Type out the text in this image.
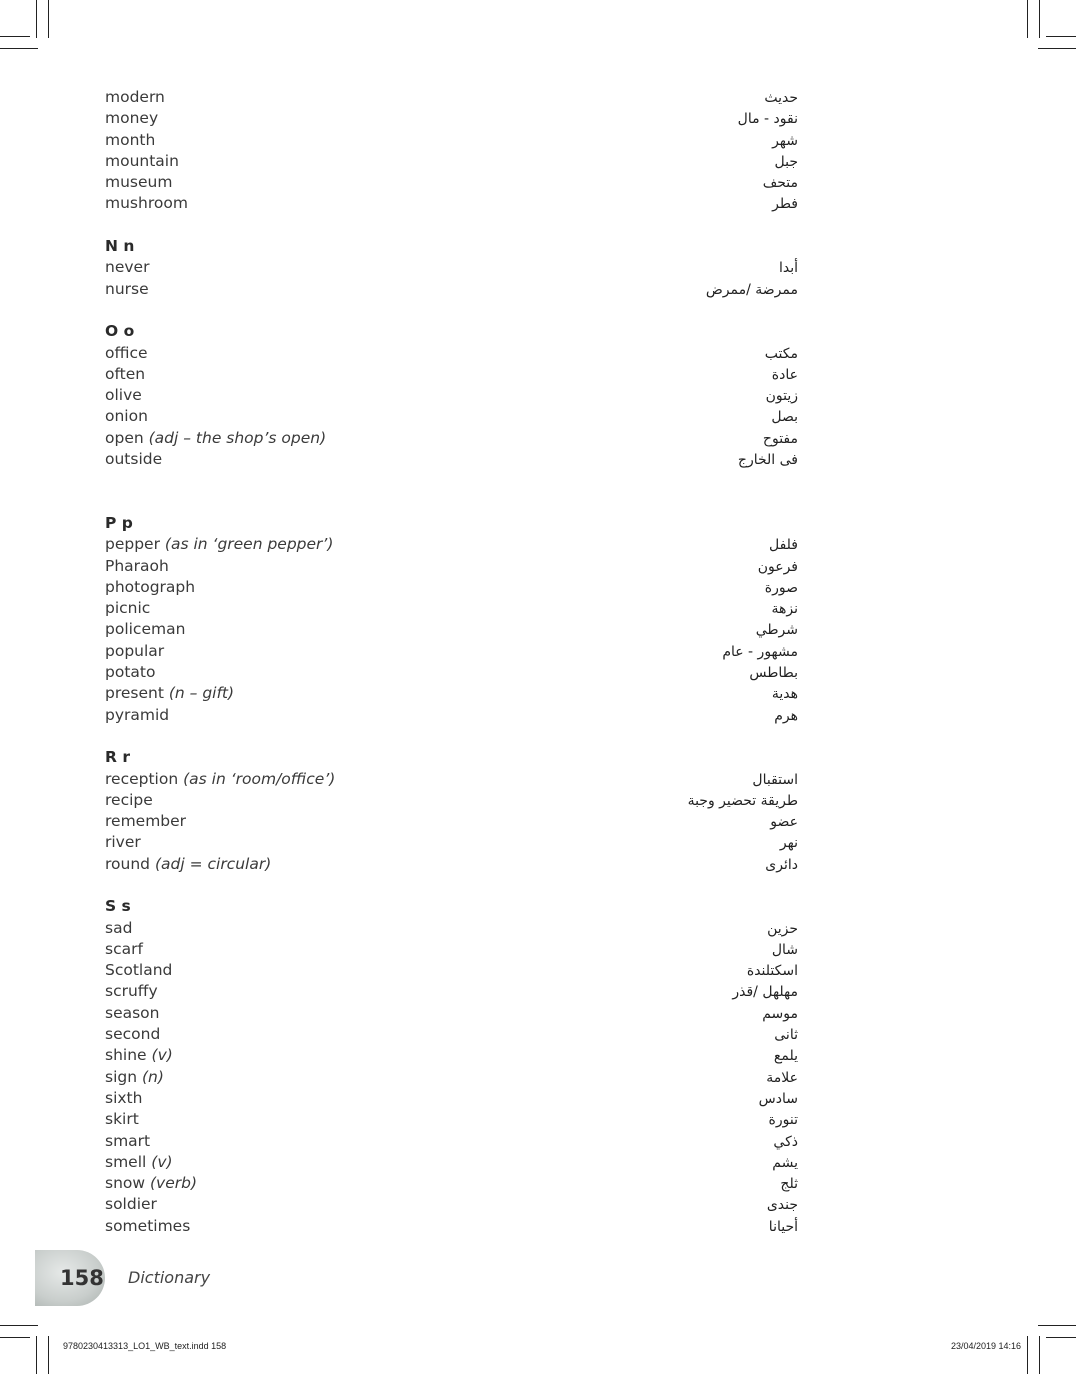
modern	حديث
money	نقود - مال
month	شهر
mountain	جبل
museum	متحف
mushroom	فطر
N n
never	أبدا
nurse	ممرضة /ممرض
O o
office	مكتب
often	عادة
olive	زيتون
onion	بصل
open (adj – the shop’s open)	مفتوح
outside	فى الخارج
P p
pepper (as in ‘green pepper’)	فلفل
Pharaoh	فرعون
photograph	صورة
picnic	نزهة
policeman	شرطي
popular	مشهور - عام
potato	بطاطس
present (n – gift)	هدية
pyramid	هرم
R r
reception (as in ‘room/office’)	استقبال
recipe	طريقة تحضير وجبة
remember	عضو
river	نهر
round (adj = circular)	دائرى
S s
sad	حزين
scarf	شال
Scotland	اسكتلندة
scruffy	مهلهل /قذر
season	موسم
second	ثانى
shine (v)	يلمع
sign (n)	علامة
sixth	سادس
skirt	تنورة
smart	ذكي
smell (v)	يشم
snow (verb)	ثلج
soldier	جندى
sometimes	أحيانا
158 Dictionary
9780230413313_LO1_WB_text.indd 158	23/04/2019 14:16
